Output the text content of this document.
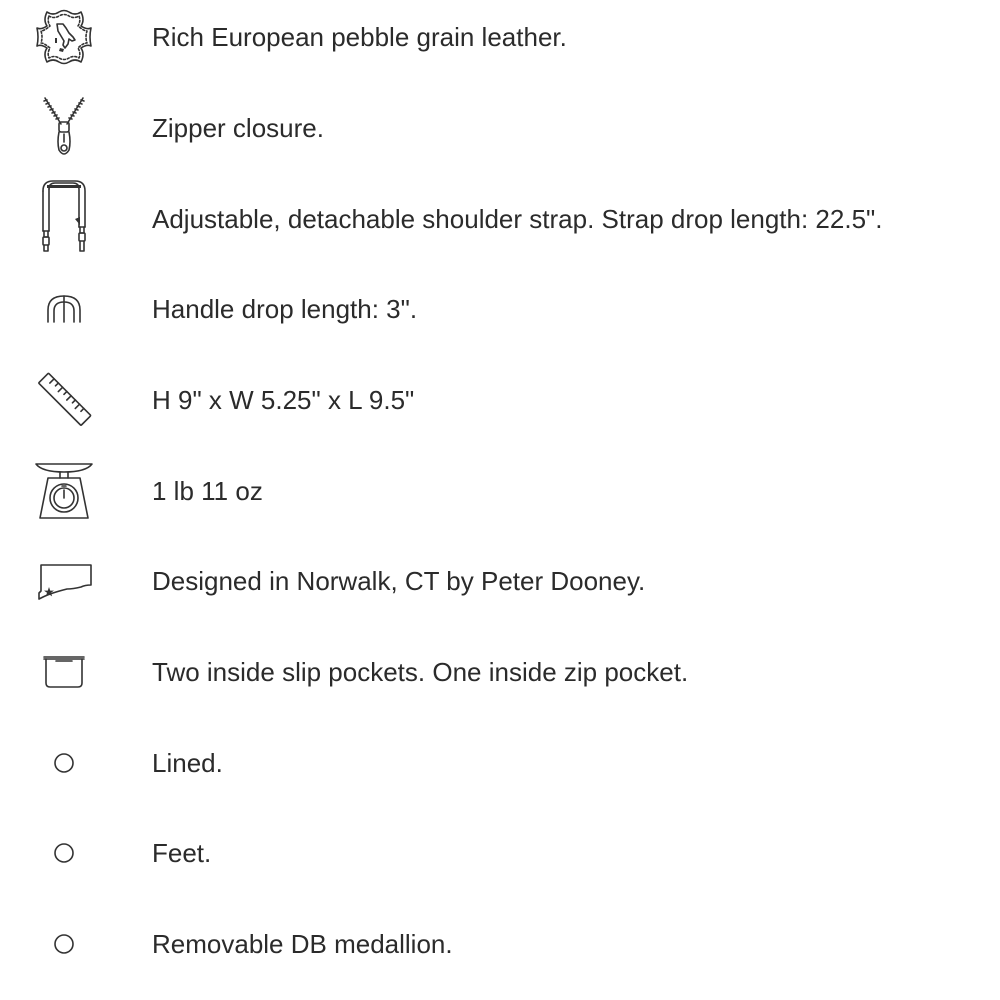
Rich European pebble grain leather.
Zipper closure.
Adjustable, detachable shoulder strap. Strap drop length: 22.5".
Handle drop length: 3".
H 9" x W 5.25" x L 9.5"
1 lb 11 oz
Designed in Norwalk, CT by Peter Dooney.
Two inside slip pockets. One inside zip pocket.
Lined.
Feet.
Removable DB medallion.
